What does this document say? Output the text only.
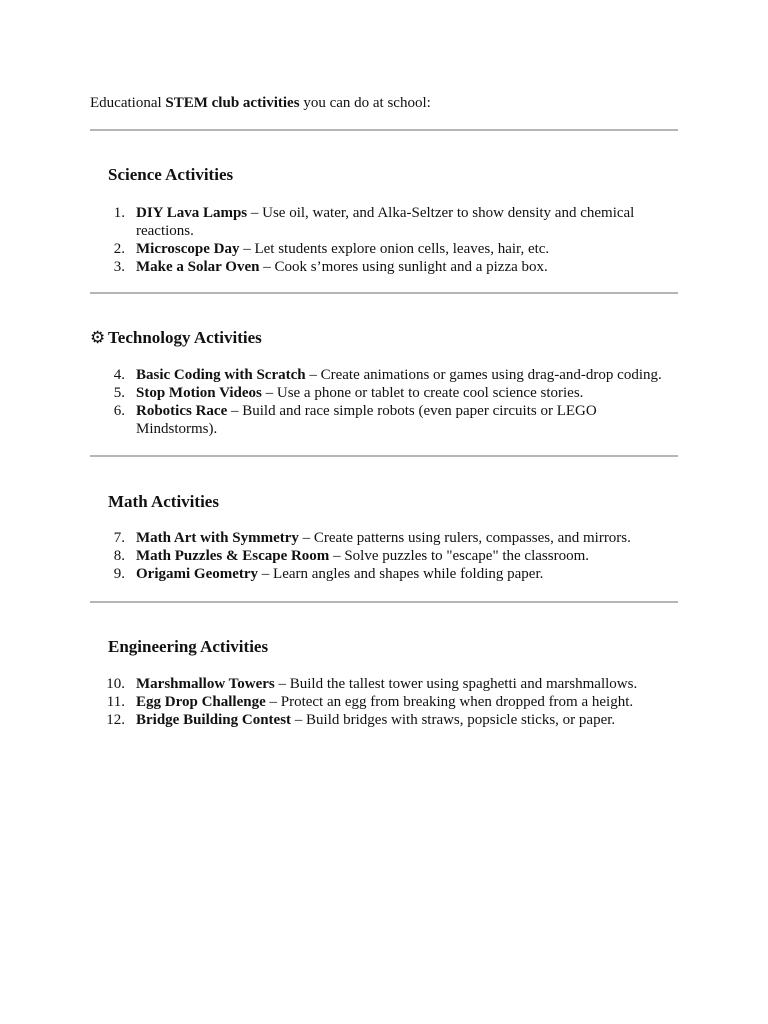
Educational STEM club activities you can do at school:
Science Activities
1. DIY Lava Lamps – Use oil, water, and Alka-Seltzer to show density and chemical reactions.
2. Microscope Day – Let students explore onion cells, leaves, hair, etc.
3. Make a Solar Oven – Cook s’mores using sunlight and a pizza box.
⚙ Technology Activities
4. Basic Coding with Scratch – Create animations or games using drag-and-drop coding.
5. Stop Motion Videos – Use a phone or tablet to create cool science stories.
6. Robotics Race – Build and race simple robots (even paper circuits or LEGO Mindstorms).
Math Activities
7. Math Art with Symmetry – Create patterns using rulers, compasses, and mirrors.
8. Math Puzzles & Escape Room – Solve puzzles to "escape" the classroom.
9. Origami Geometry – Learn angles and shapes while folding paper.
Engineering Activities
10. Marshmallow Towers – Build the tallest tower using spaghetti and marshmallows.
11. Egg Drop Challenge – Protect an egg from breaking when dropped from a height.
12. Bridge Building Contest – Build bridges with straws, popsicle sticks, or paper.
